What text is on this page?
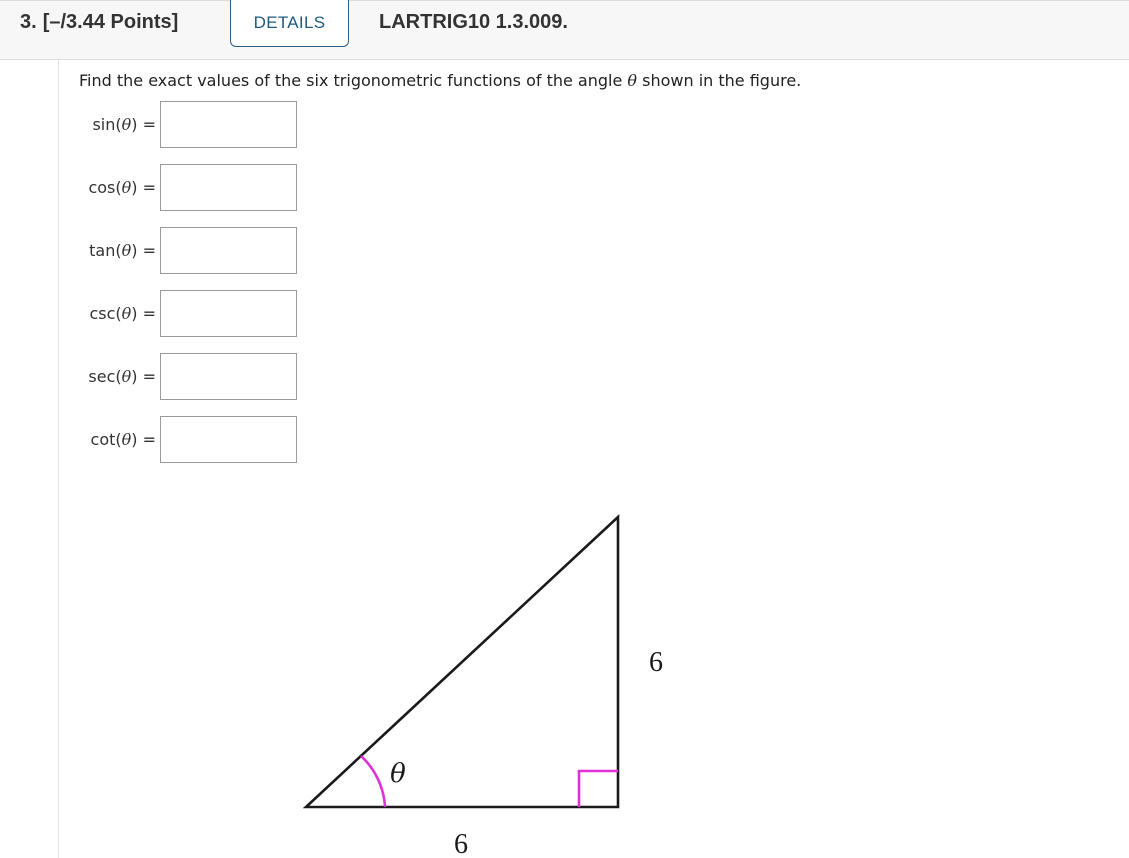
3. [–/3.44 Points]	DETAILS	LARTRIG10 1.3.009.
Find the exact values of the six trigonometric functions of the angle θ shown in the figure.
sin(θ) =
cos(θ) =
tan(θ) =
csc(θ) =
sec(θ) =
cot(θ) =
θ
6
6
